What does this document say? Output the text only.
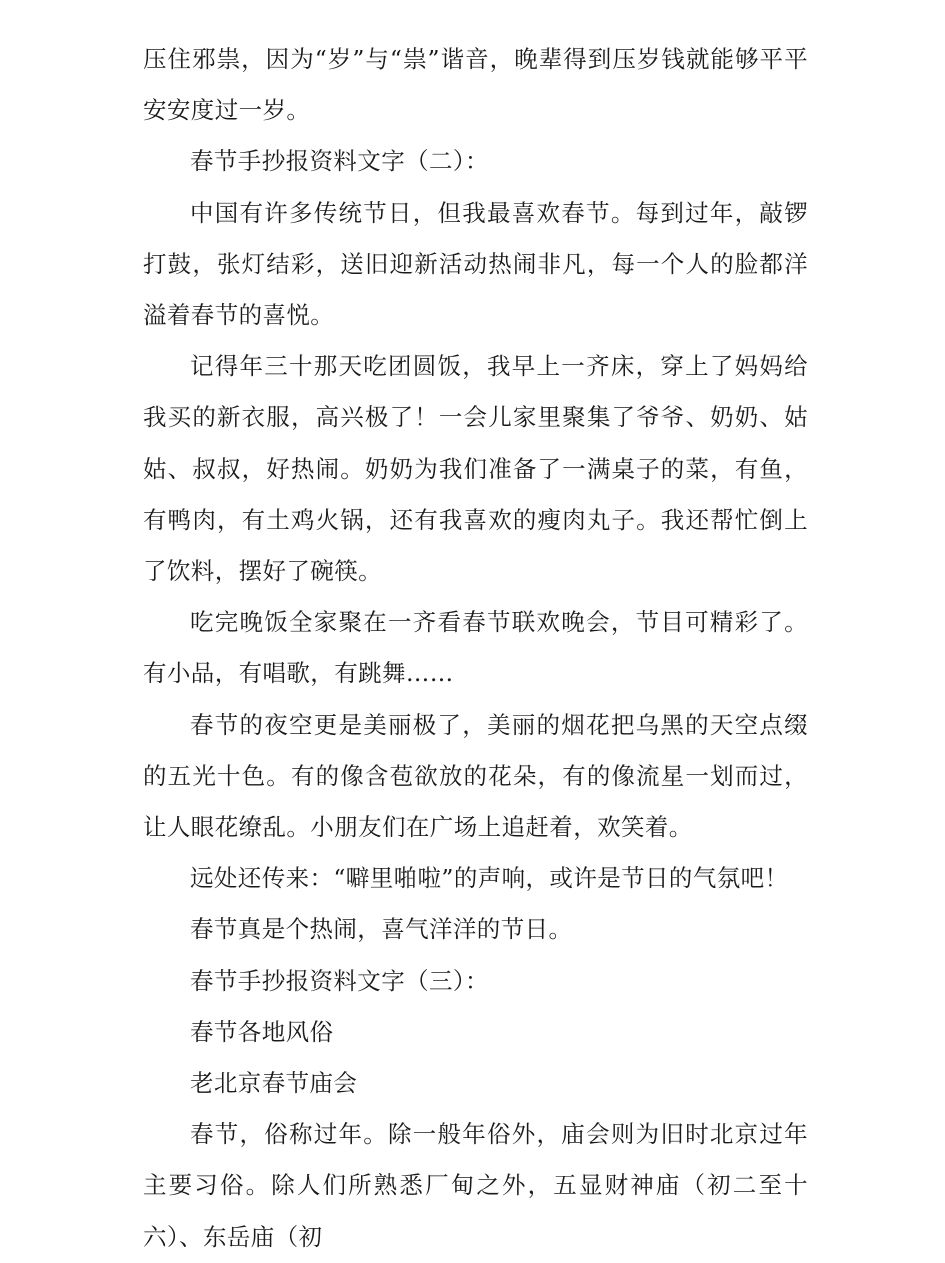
压住邪祟，因为“岁”与“祟”谐音，晚辈得到压岁钱就能够平平安安度过一岁。

春节手抄报资料文字（二）：

中国有许多传统节日，但我最喜欢春节。每到过年，敲锣打鼓，张灯结彩，送旧迎新活动热闹非凡，每一个人的脸都洋溢着春节的喜悦。

记得年三十那天吃团圆饭，我早上一齐床，穿上了妈妈给我买的新衣服，高兴极了！一会儿家里聚集了爷爷、奶奶、姑姑、叔叔，好热闹。奶奶为我们准备了一满桌子的菜，有鱼，有鸭肉，有土鸡火锅，还有我喜欢的瘦肉丸子。我还帮忙倒上了饮料，摆好了碗筷。

吃完晚饭全家聚在一齐看春节联欢晚会，节目可精彩了。有小品，有唱歌，有跳舞……

春节的夜空更是美丽极了，美丽的烟花把乌黑的天空点缀的五光十色。有的像含苞欲放的花朵，有的像流星一划而过，让人眼花缭乱。小朋友们在广场上追赶着，欢笑着。

远处还传来：“噼里啪啦”的声响，或许是节日的气氛吧！

春节真是个热闹，喜气洋洋的节日。

春节手抄报资料文字（三）：

春节各地风俗

老北京春节庙会

春节，俗称过年。除一般年俗外，庙会则为旧时北京过年主要习俗。除人们所熟悉厂甸之外，五显财神庙（初二至十六）、东岳庙（初
